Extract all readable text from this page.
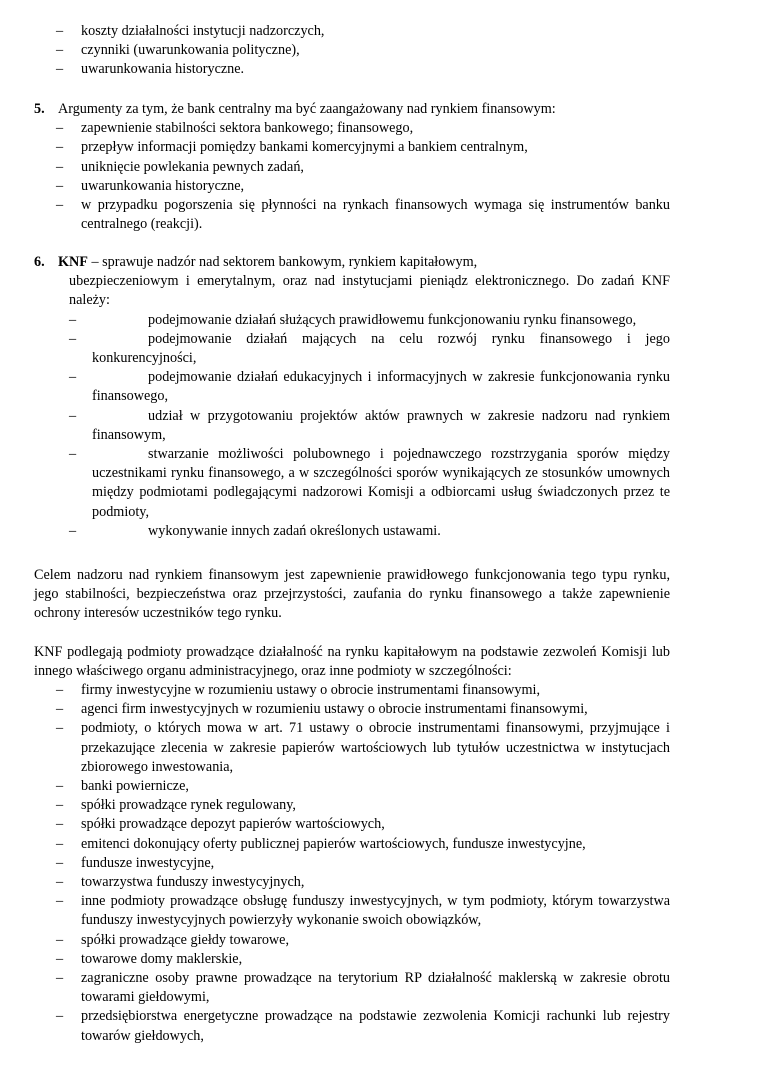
– koszty działalności instytucji nadzorczych,
– czynniki (uwarunkowania polityczne),
– uwarunkowania historyczne.
5. Argumenty za tym, że bank centralny ma być zaangażowany nad rynkiem finansowym:
– zapewnienie stabilności sektora bankowego; finansowego,
– przepływ informacji pomiędzy bankami komercyjnymi a bankiem centralnym,
– uniknięcie powlekania pewnych zadań,
– uwarunkowania historyczne,
– w przypadku pogorszenia się płynności na rynkach finansowych wymaga się instrumentów banku centralnego (reakcji).
6. KNF – sprawuje nadzór nad sektorem bankowym, rynkiem kapitałowym,
ubezpieczeniowym i emerytalnym, oraz nad instytucjami pieniądz elektronicznego. Do zadań KNF należy:
–	podejmowanie działań służących prawidłowemu funkcjonowaniu rynku finansowego,
–	podejmowanie działań mających na celu rozwój rynku finansowego i jego konkurencyjności,
–	podejmowanie działań edukacyjnych i informacyjnych w zakresie funkcjonowania rynku finansowego,
–	udział w przygotowaniu projektów aktów prawnych w zakresie nadzoru nad rynkiem finansowym,
–	stwarzanie możliwości polubownego i pojednawczego rozstrzygania sporów między uczestnikami rynku finansowego, a w szczególności sporów wynikających ze stosunków umownych między podmiotami podlegającymi nadzorowi Komisji a odbiorcami usług świadczonych przez te podmioty,
–	wykonywanie innych zadań określonych ustawami.
Celem nadzoru nad rynkiem finansowym jest zapewnienie prawidłowego funkcjonowania tego typu rynku, jego stabilności, bezpieczeństwa oraz przejrzystości, zaufania do rynku finansowego a także zapewnienie ochrony interesów uczestników tego rynku.
KNF podlegają podmioty prowadzące działalność na rynku kapitałowym na podstawie zezwoleń Komisji lub innego właściwego organu administracyjnego, oraz inne podmioty w szczególności:
– firmy inwestycyjne w rozumieniu ustawy o obrocie instrumentami finansowymi,
– agenci firm inwestycyjnych w rozumieniu ustawy o obrocie instrumentami finansowymi,
– podmioty, o których mowa w art. 71 ustawy o obrocie instrumentami finansowymi, przyjmujące i przekazujące zlecenia w zakresie papierów wartościowych lub tytułów uczestnictwa w instytucjach zbiorowego inwestowania,
– banki powiernicze,
– spółki prowadzące rynek regulowany,
– spółki prowadzące depozyt papierów wartościowych,
– emitenci dokonujący oferty publicznej papierów wartościowych, fundusze inwestycyjne,
– fundusze inwestycyjne,
– towarzystwa funduszy inwestycyjnych,
– inne podmioty prowadzące obsługę funduszy inwestycyjnych, w tym podmioty, którym towarzystwa funduszy inwestycyjnych powierzyły wykonanie swoich obowiązków,
– spółki prowadzące giełdy towarowe,
– towarowe domy maklerskie,
– zagraniczne osoby prawne prowadzące na terytorium RP działalność maklerską w zakresie obrotu towarami giełdowymi,
– przedsiębiorstwa energetyczne prowadzące na podstawie zezwolenia Komicji rachunki lub rejestry towarów giełdowych,
